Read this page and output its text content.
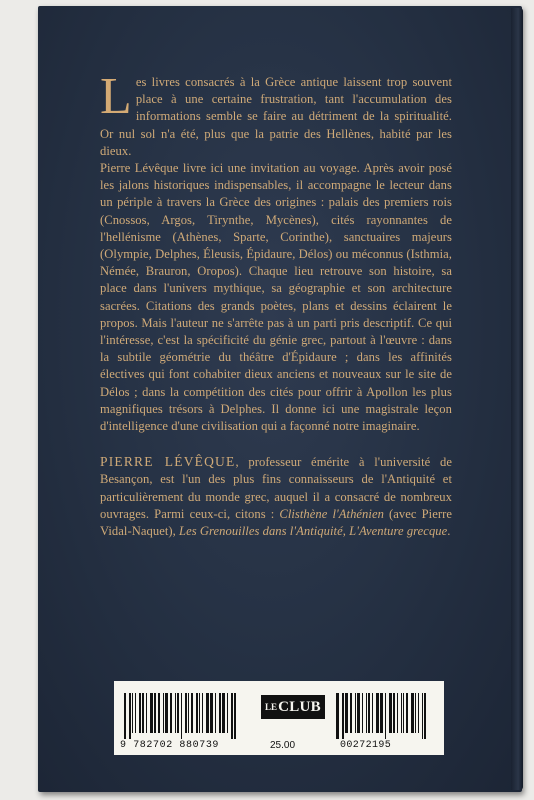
Les livres consacrés à la Grèce antique laissent trop souvent place à une certaine frustration, tant l'accumulation des informations semble se faire au détriment de la spiritualité. Or nul sol n'a été, plus que la patrie des Hellènes, habité par les dieux.

Pierre Lévêque livre ici une invitation au voyage. Après avoir posé les jalons historiques indispensables, il accompagne le lecteur dans un périple à travers la Grèce des origines : palais des premiers rois (Cnossos, Argos, Tirynthe, Mycènes), cités rayonnantes de l'hellénisme (Athènes, Sparte, Corinthe), sanctuaires majeurs (Olympie, Delphes, Éleusis, Épidaure, Délos) ou méconnus (Isthmia, Némée, Brauron, Oropos). Chaque lieu retrouve son histoire, sa place dans l'univers mythique, sa géographie et son architecture sacrées. Citations des grands poètes, plans et dessins éclairent le propos. Mais l'auteur ne s'arrête pas à un parti pris descriptif. Ce qui l'intéresse, c'est la spécificité du génie grec, partout à l'œuvre : dans la subtile géométrie du théâtre d'Épidaure ; dans les affinités électives qui font cohabiter dieux anciens et nouveaux sur le site de Délos ; dans la compétition des cités pour offrir à Apollon les plus magnifiques trésors à Delphes. Il donne ici une magistrale leçon d'intelligence d'une civilisation qui a façonné notre imaginaire.

PIERRE LÉVÊQUE, professeur émérite à l'université de Besançon, est l'un des plus fins connaisseurs de l'Antiquité et particulièrement du monde grec, auquel il a consacré de nombreux ouvrages. Parmi ceux-ci, citons : Clisthène l'Athénien (avec Pierre Vidal-Naquet), Les Grenouilles dans l'Antiquité, L'Aventure grecque.

$^{LE}$CLUB
9 782702 880739	25.00	00272195
